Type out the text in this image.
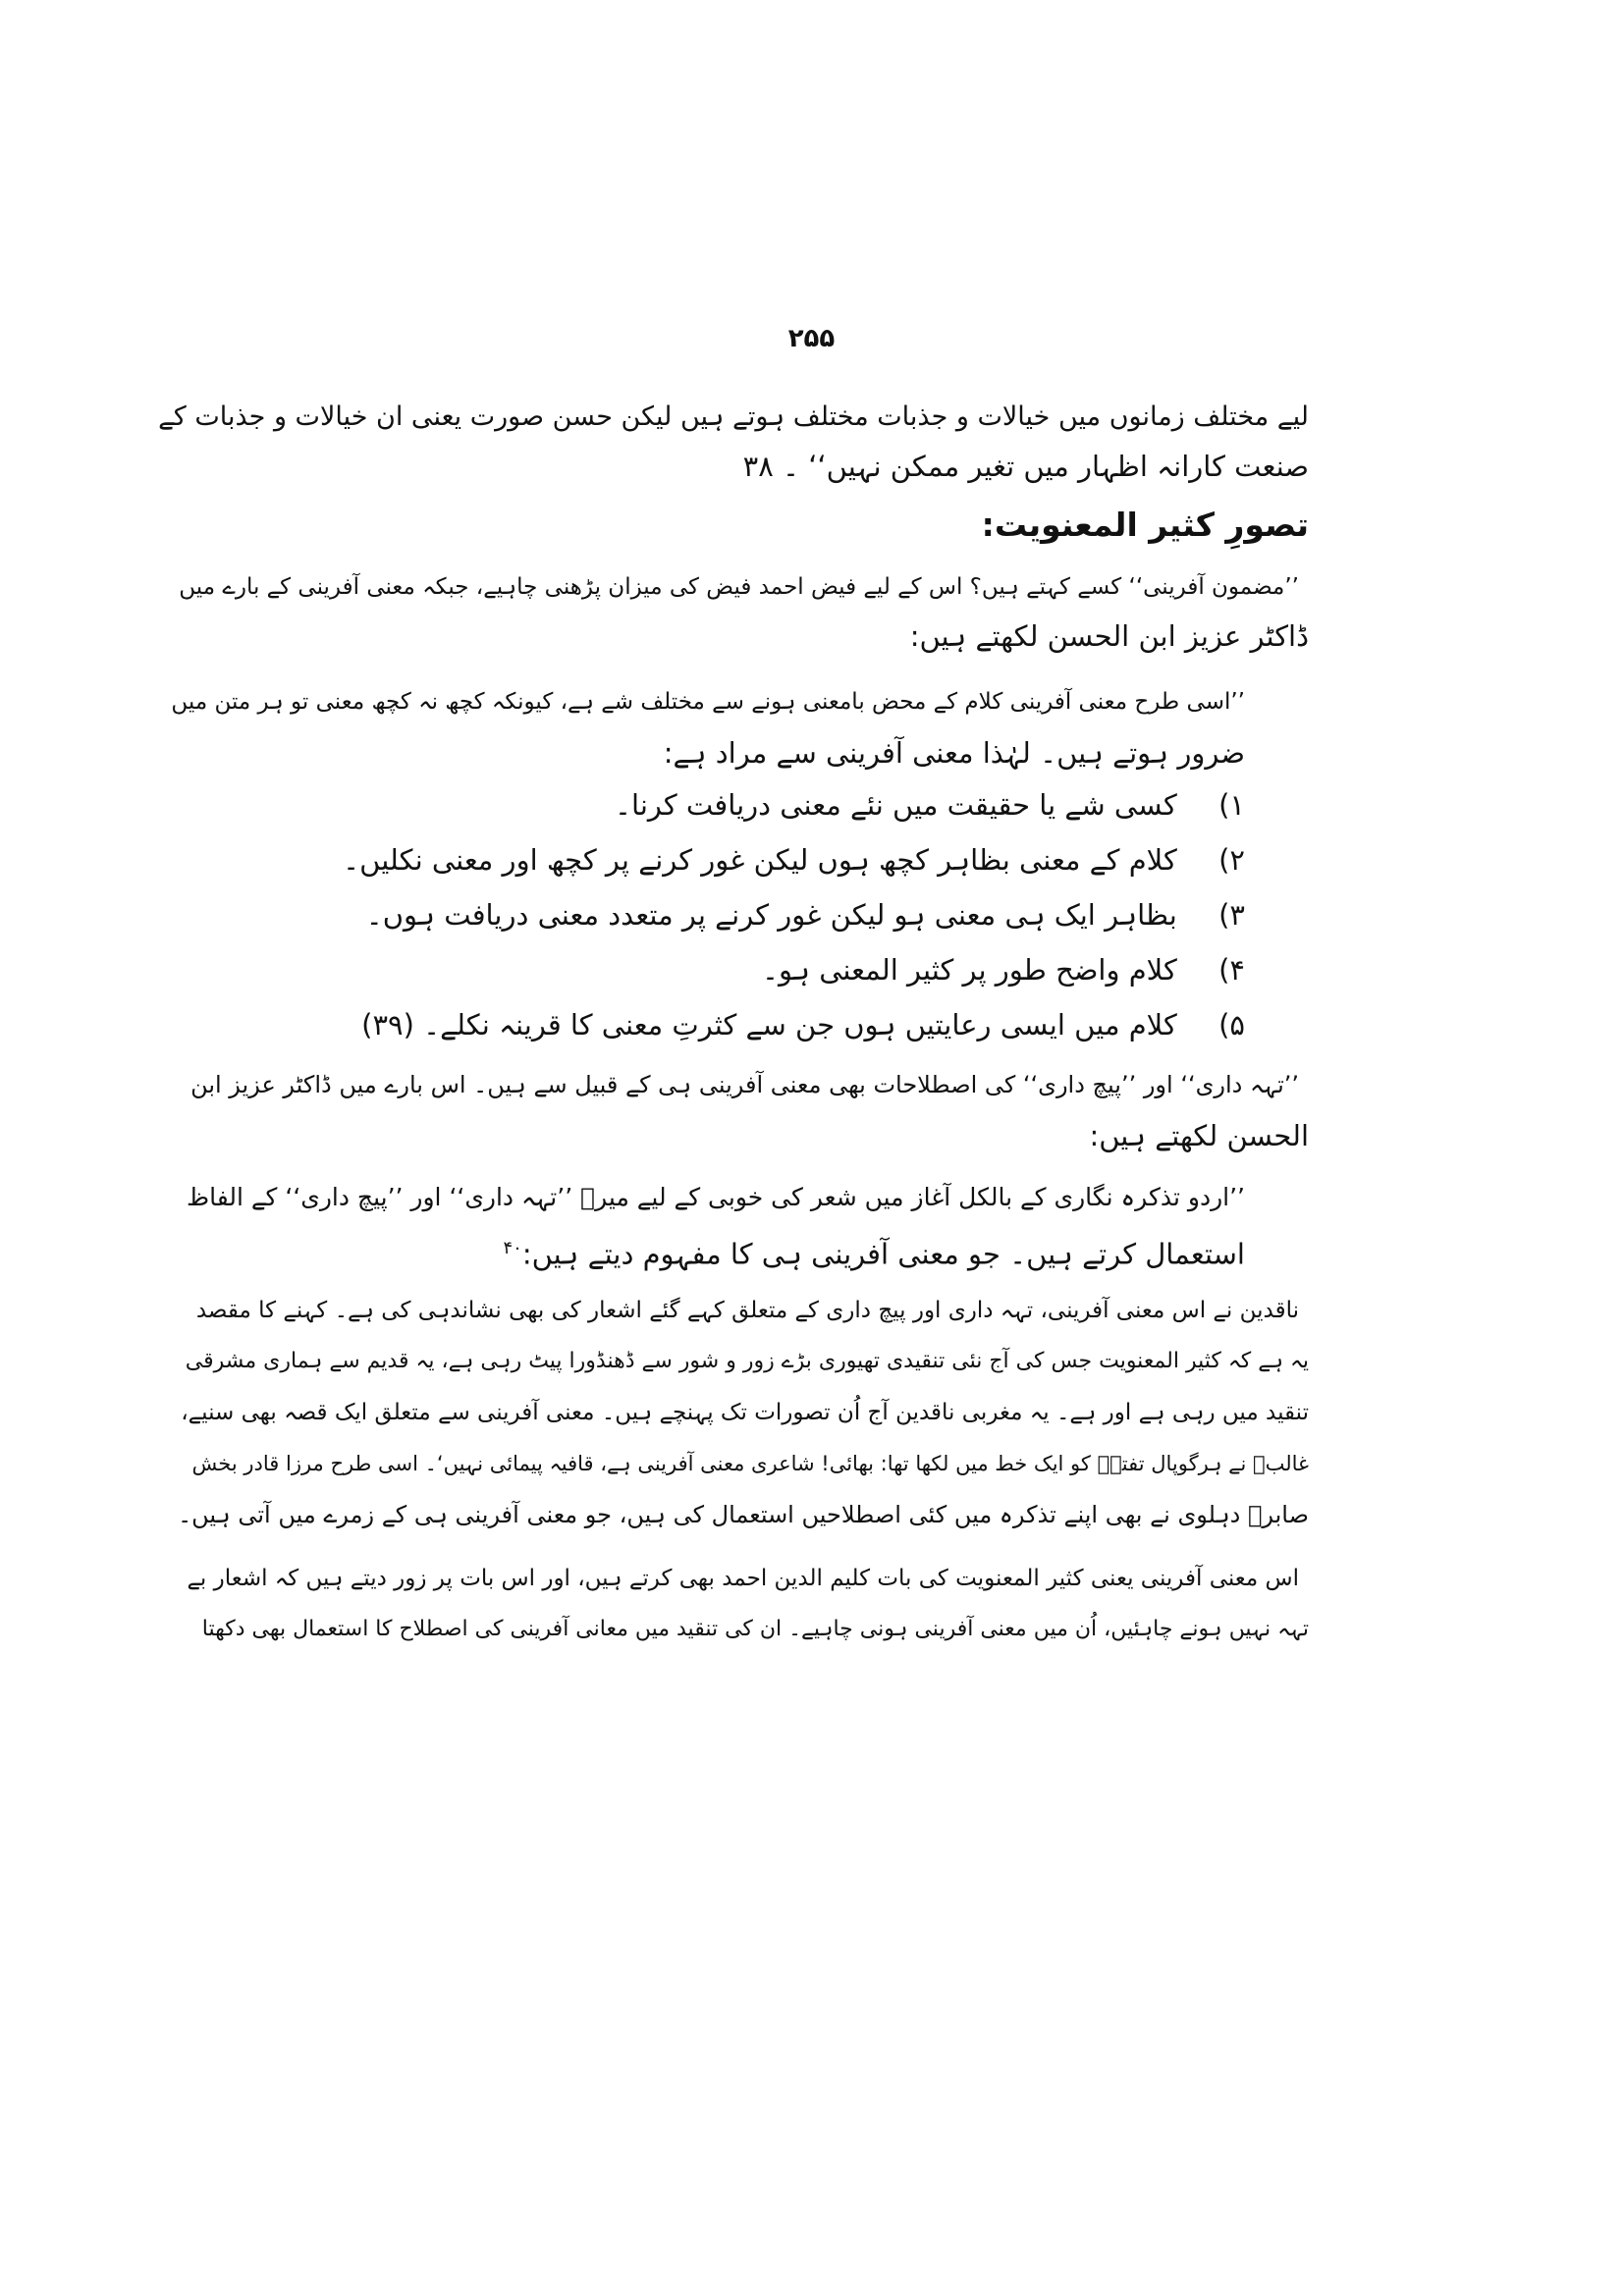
۲۵۵
لیے مختلف زمانوں میں خیالات و جذبات مختلف ہوتے ہیں لیکن حسن صورت یعنی ان خیالات و جذبات کے
صنعت کارانہ اظہار میں تغیر ممکن نہیں‘‘ ۔ ۳۸
تصورِ کثیر المعنویت:
’’مضمون آفرینی‘‘ کسے کہتے ہیں؟ اس کے لیے فیض احمد فیض کی میزان پڑھنی چاہیے، جبکہ معنی آفرینی کے بارے میں
ڈاکٹر عزیز ابن الحسن لکھتے ہیں:
’’اسی طرح معنی آفرینی کلام کے محض بامعنی ہونے سے مختلف شے ہے، کیونکہ کچھ نہ کچھ معنی تو ہر متن میں
ضرور ہوتے ہیں۔ لہٰذا معنی آفرینی سے مراد ہے:
۱) کسی شے یا حقیقت میں نئے معنی دریافت کرنا۔
۲) کلام کے معنی بظاہر کچھ ہوں لیکن غور کرنے پر کچھ اور معنی نکلیں۔
۳) بظاہر ایک ہی معنی ہو لیکن غور کرنے پر متعدد معنی دریافت ہوں۔
۴) کلام واضح طور پر کثیر المعنی ہو۔
۵) کلام میں ایسی رعایتیں ہوں جن سے کثرتِ معنی کا قرینہ نکلے۔ (۳۹)
’’تہہ داری‘‘ اور ’’پیچ داری‘‘ کی اصطلاحات بھی معنی آفرینی ہی کے قبیل سے ہیں۔ اس بارے میں ڈاکٹر عزیز ابن
الحسن لکھتے ہیں:
’’اردو تذکرہ نگاری کے بالکل آغاز میں شعر کی خوبی کے لیے میرؔ ’’تہہ داری‘‘ اور ’’پیچ داری‘‘ کے الفاظ
استعمال کرتے ہیں۔ جو معنی آفرینی ہی کا مفہوم دیتے ہیں:$^{۴۰}$
ناقدین نے اس معنی آفرینی، تہہ داری اور پیچ داری کے متعلق کہے گئے اشعار کی بھی نشاندہی کی ہے۔ کہنے کا مقصد
یہ ہے کہ کثیر المعنویت جس کی آج نئی تنقیدی تھیوری بڑے زور و شور سے ڈھنڈورا پیٹ رہی ہے، یہ قدیم سے ہماری مشرقی
تنقید میں رہی ہے اور ہے۔ یہ مغربی ناقدین آج اُن تصورات تک پہنچے ہیں۔ معنی آفرینی سے متعلق ایک قصہ بھی سنیے،
غالبؔ نے ہرگوپال تفتہؔ کو ایک خط میں لکھا تھا: بھائی! شاعری معنی آفرینی ہے، قافیہ پیمائی نہیں‘۔ اسی طرح مرزا قادر بخش
صابرؔ دہلوی نے بھی اپنے تذکرہ میں کئی اصطلاحیں استعمال کی ہیں، جو معنی آفرینی ہی کے زمرے میں آتی ہیں۔
اس معنی آفرینی یعنی کثیر المعنویت کی بات کلیم الدین احمد بھی کرتے ہیں، اور اس بات پر زور دیتے ہیں کہ اشعار بے
تہہ نہیں ہونے چاہئیں، اُن میں معنی آفرینی ہونی چاہیے۔ ان کی تنقید میں معانی آفرینی کی اصطلاح کا استعمال بھی دکھتا
